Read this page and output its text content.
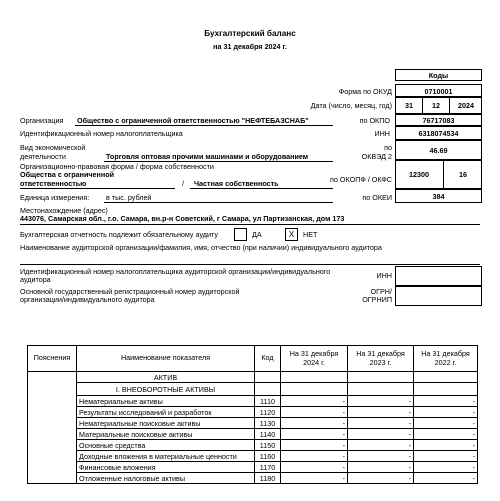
Бухгалтерский баланс
на 31 декабря 2024 г.
Коды
Форма по ОКУД	0710001
Дата (число, месяц, год)	31	12	2024
Организация Общество с ограниченной ответственностью "НЕФТЕБАЗСНАБ"	по ОКПО	76717083
Идентификационный номер налогоплательщика	ИНН	6318074534
Вид экономической
деятельности	Торговля оптовая прочими машинами и оборудованием
по
ОКВЭД 2
46.69
Организационно-правовая форма / форма собственности
Общества с ограниченной
ответственностью	/ Частная собственность	по ОКОПФ / ОКФС
12300	16
Единица измерения: в тыс. рублей	по ОКЕИ	384
Местонахождение (адрес)
443076, Самарская обл., г.о. Самара, вн.р-н Советский, г Самара, ул Партизанская, дом 173
Бухгалтерская отчетность подлежит обязательному аудиту	ДА	X	НЕТ
Наименование аудиторской организации/фамилия, имя, отчество (при наличии) индивидуального аудитора
Идентификационный номер налогоплательщика аудиторской организации/индивидуального
аудитора	ИНН
Основной государственный регистрационный номер аудиторской
организации/индивидуального аудитора
ОГРН/
ОГРНИП
Пояснения	Наименование показателя	Код	На 31 декабря 2024 г.	На 31 декабря 2023 г.	На 31 декабря 2022 г.
	АКТИВ				
	I. ВНЕОБОРОТНЫЕ АКТИВЫ				
	Нематериальные активы	1110	-	-	-
	Результаты исследований и разработок	1120	-	-	-
	Нематериальные поисковые активы	1130	-	-	-
	Материальные поисковые активы	1140	-	-	-
	Основные средства	1150	-	-	-
	Доходные вложения в материальные ценности	1160	-	-	-
	Финансовые вложения	1170	-	-	-
	Отложенные налоговые активы	1180	-	-	-
